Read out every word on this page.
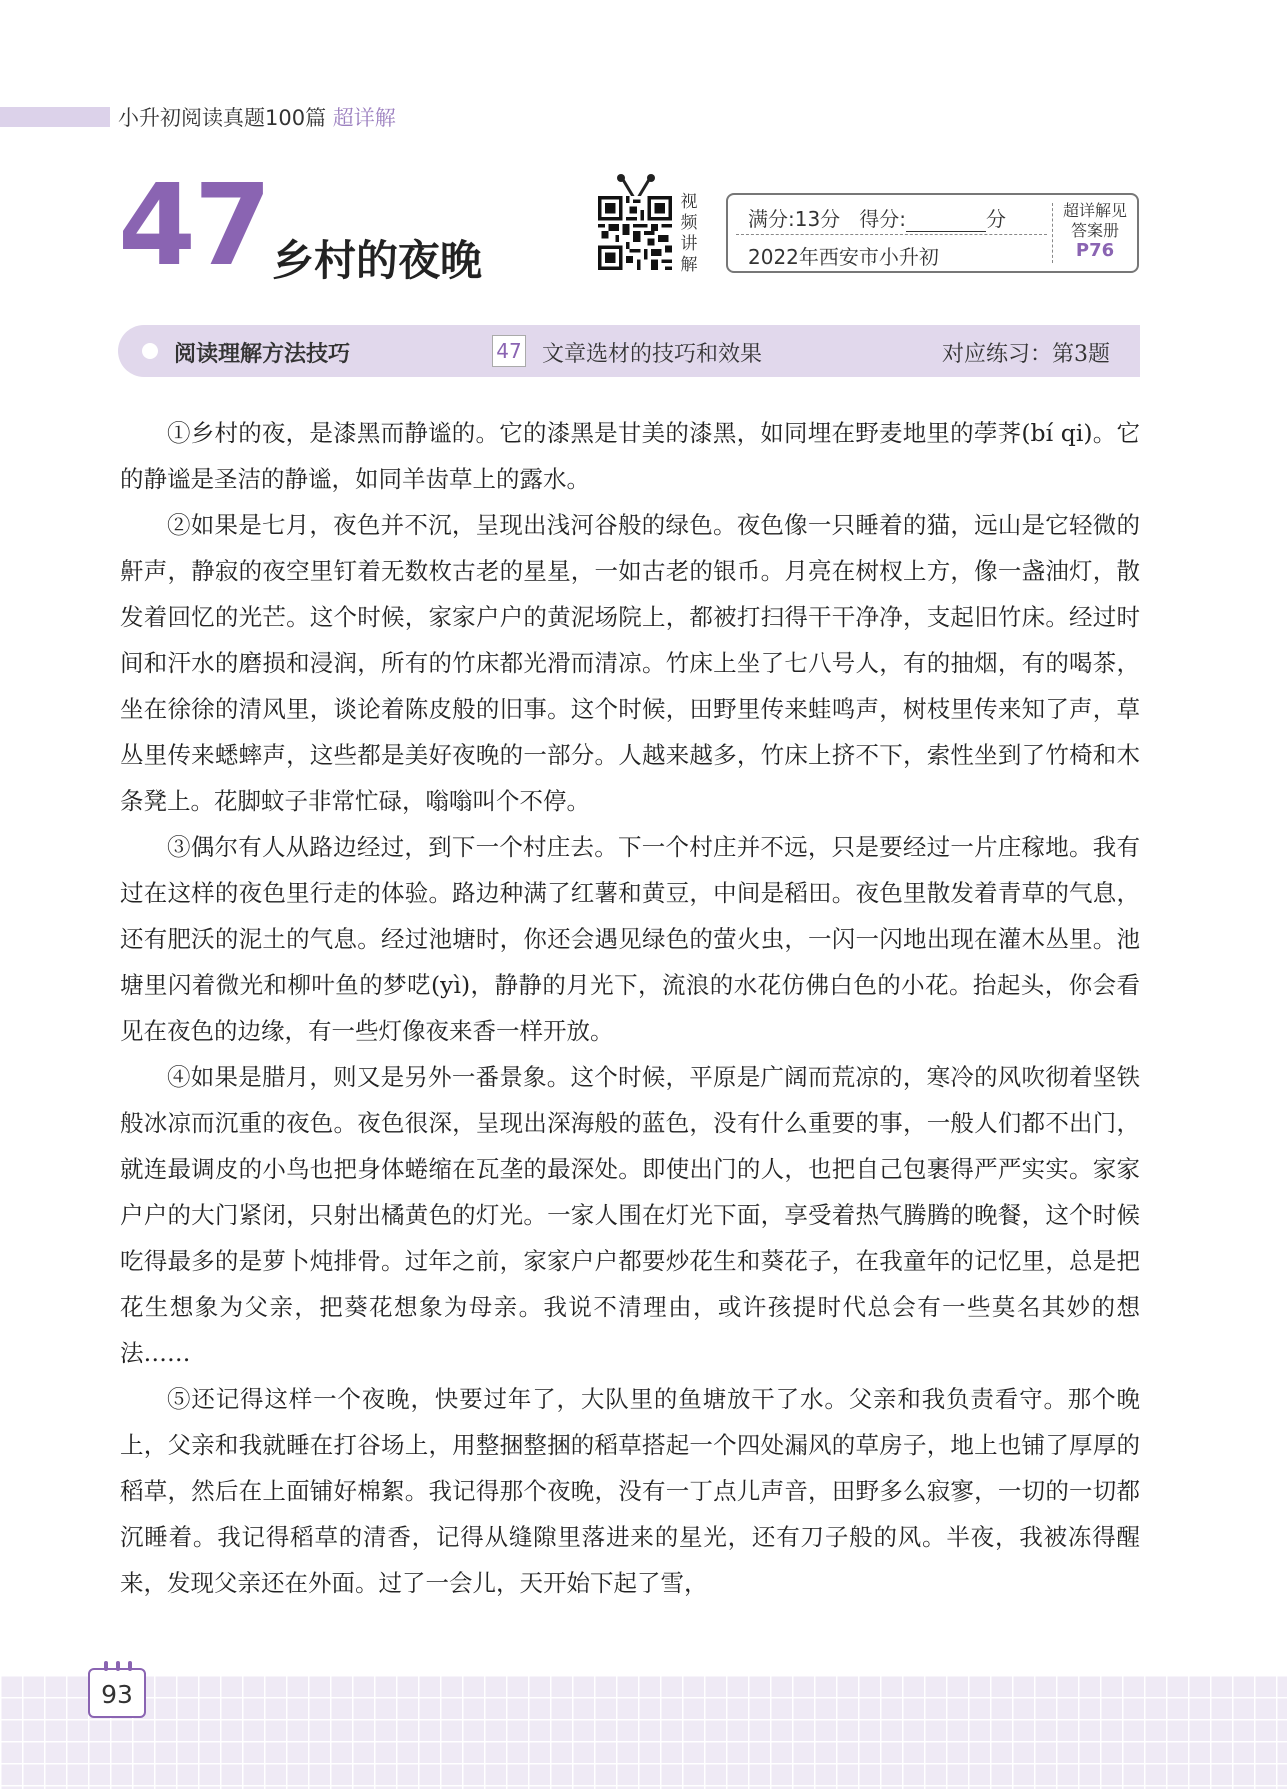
小升初阅读真题100篇 超详解
47 乡村的夜晚
视
频
讲
解
满分:13分 得分:	分
2022年西安市小升初
超详解见
答案册
P76
阅读理解方法技巧	47 文章选材的技巧和效果	对应练习：第3题

①乡村的夜，是漆黑而静谧的。它的漆黑是甘美的漆黑，如同埋在野麦地里的荸荠(bí qi)。它的静谧是圣洁的静谧，如同羊齿草上的露水。

②如果是七月，夜色并不沉，呈现出浅河谷般的绿色。夜色像一只睡着的猫，远山是它轻微的鼾声，静寂的夜空里钉着无数枚古老的星星，一如古老的银币。月亮在树杈上方，像一盏油灯，散发着回忆的光芒。这个时候，家家户户的黄泥场院上，都被打扫得干干净净，支起旧竹床。经过时间和汗水的磨损和浸润，所有的竹床都光滑而清凉。竹床上坐了七八号人，有的抽烟，有的喝茶，坐在徐徐的清风里，谈论着陈皮般的旧事。这个时候，田野里传来蛙鸣声，树枝里传来知了声，草丛里传来蟋蟀声，这些都是美好夜晚的一部分。人越来越多，竹床上挤不下，索性坐到了竹椅和木条凳上。花脚蚊子非常忙碌，嗡嗡叫个不停。

③偶尔有人从路边经过，到下一个村庄去。下一个村庄并不远，只是要经过一片庄稼地。我有过在这样的夜色里行走的体验。路边种满了红薯和黄豆，中间是稻田。夜色里散发着青草的气息，还有肥沃的泥土的气息。经过池塘时，你还会遇见绿色的萤火虫，一闪一闪地出现在灌木丛里。池塘里闪着微光和柳叶鱼的梦呓(yì)，静静的月光下，流浪的水花仿佛白色的小花。抬起头，你会看见在夜色的边缘，有一些灯像夜来香一样开放。

④如果是腊月，则又是另外一番景象。这个时候，平原是广阔而荒凉的，寒冷的风吹彻着坚铁般冰凉而沉重的夜色。夜色很深，呈现出深海般的蓝色，没有什么重要的事，一般人们都不出门，就连最调皮的小鸟也把身体蜷缩在瓦垄的最深处。即使出门的人，也把自己包裹得严严实实。家家户户的大门紧闭，只射出橘黄色的灯光。一家人围在灯光下面，享受着热气腾腾的晚餐，这个时候吃得最多的是萝卜炖排骨。过年之前，家家户户都要炒花生和葵花子，在我童年的记忆里，总是把花生想象为父亲，把葵花想象为母亲。我说不清理由，或许孩提时代总会有一些莫名其妙的想法……

⑤还记得这样一个夜晚，快要过年了，大队里的鱼塘放干了水。父亲和我负责看守。那个晚上，父亲和我就睡在打谷场上，用整捆整捆的稻草搭起一个四处漏风的草房子，地上也铺了厚厚的稻草，然后在上面铺好棉絮。我记得那个夜晚，没有一丁点儿声音，田野多么寂寥，一切的一切都沉睡着。我记得稻草的清香，记得从缝隙里落进来的星光，还有刀子般的风。半夜，我被冻得醒来，发现父亲还在外面。过了一会儿，天开始下起了雪，

93
